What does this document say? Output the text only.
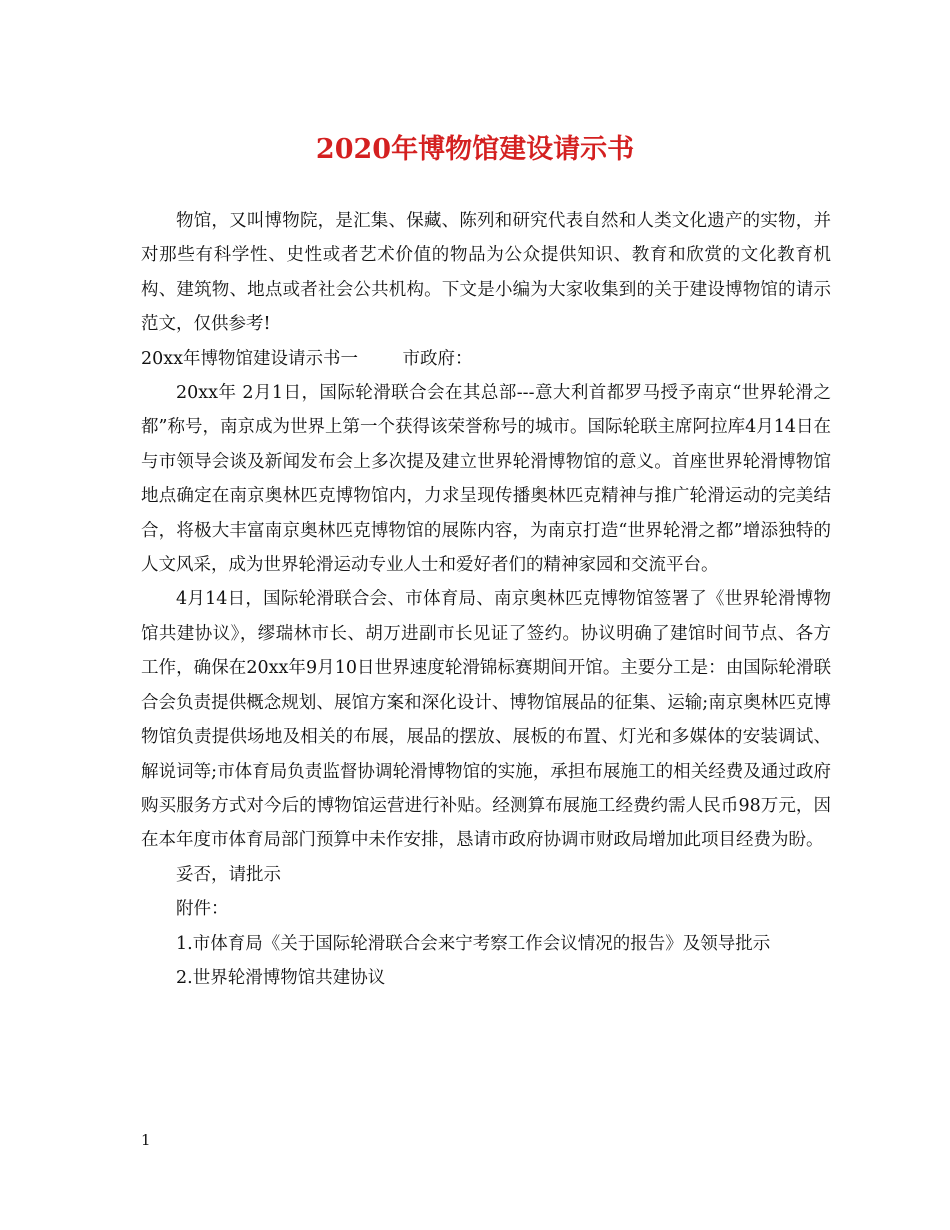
2020年博物馆建设请示书

物馆，又叫博物院，是汇集、保藏、陈列和研究代表自然和人类文化遗产的实物，并对那些有科学性、史性或者艺术价值的物品为公众提供知识、教育和欣赏的文化教育机构、建筑物、地点或者社会公共机构。下文是小编为大家收集到的关于建设博物馆的请示范文，仅供参考!

20xx年博物馆建设请示书一        市政府：

20xx年 2月1日，国际轮滑联合会在其总部---意大利首都罗马授予南京“世界轮滑之都”称号，南京成为世界上第一个获得该荣誉称号的城市。国际轮联主席阿拉库4月14日在与市领导会谈及新闻发布会上多次提及建立世界轮滑博物馆的意义。首座世界轮滑博物馆地点确定在南京奥林匹克博物馆内，力求呈现传播奥林匹克精神与推广轮滑运动的完美结合，将极大丰富南京奥林匹克博物馆的展陈内容，为南京打造“世界轮滑之都”增添独特的人文风采，成为世界轮滑运动专业人士和爱好者们的精神家园和交流平台。

4月14日，国际轮滑联合会、市体育局、南京奥林匹克博物馆签署了《世界轮滑博物馆共建协议》，缪瑞林市长、胡万进副市长见证了签约。协议明确了建馆时间节点、各方工作，确保在20xx年9月10日世界速度轮滑锦标赛期间开馆。主要分工是：由国际轮滑联合会负责提供概念规划、展馆方案和深化设计、博物馆展品的征集、运输;南京奥林匹克博物馆负责提供场地及相关的布展，展品的摆放、展板的布置、灯光和多媒体的安装调试、解说词等;市体育局负责监督协调轮滑博物馆的实施，承担布展施工的相关经费及通过政府购买服务方式对今后的博物馆运营进行补贴。经测算布展施工经费约需人民币98万元，因在本年度市体育局部门预算中未作安排，恳请市政府协调市财政局增加此项目经费为盼。

妥否，请批示

附件：

1.市体育局《关于国际轮滑联合会来宁考察工作会议情况的报告》及领导批示

2.世界轮滑博物馆共建协议

1
